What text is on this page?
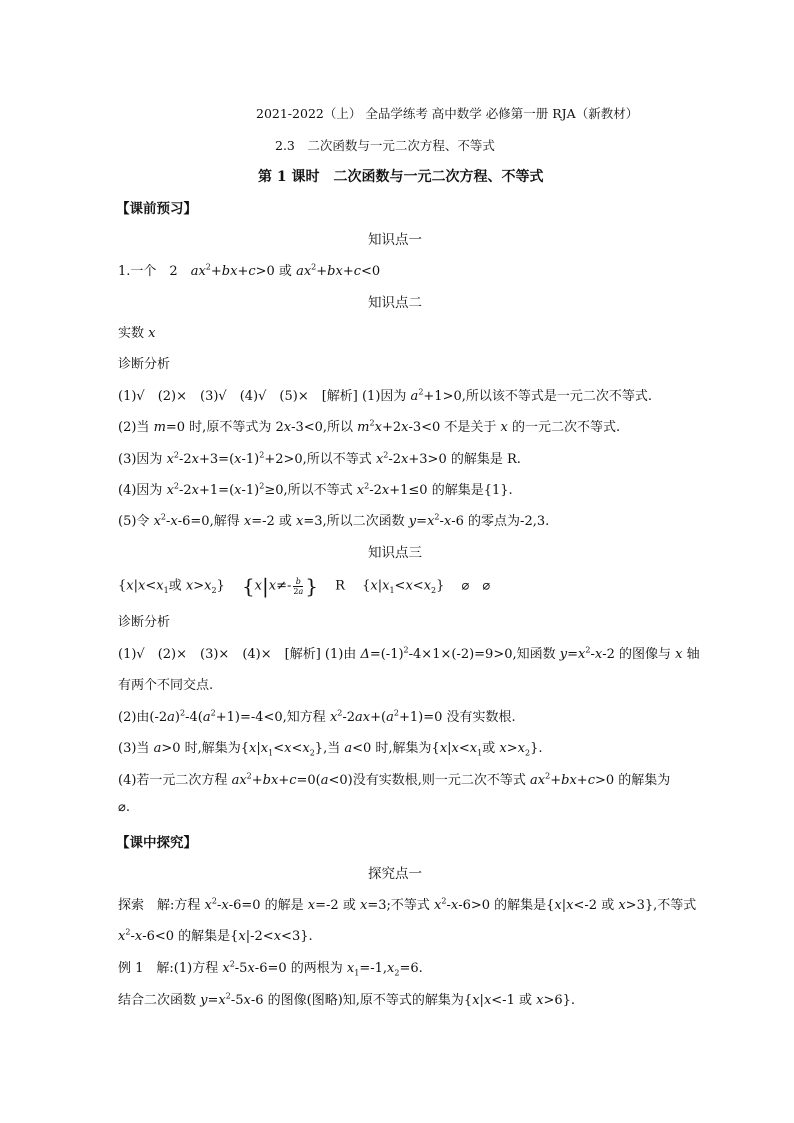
2021-2022（上） 全品学练考 高中数学 必修第一册 RJA（新教材）
2.3　二次函数与一元二次方程、不等式
第 1 课时　二次函数与一元二次方程、不等式
【课前预习】
知识点一
1.一个　2　$ax^2+bx+c>0$ 或 $ax^2+bx+c<0$
知识点二
实数 x
诊断分析
(1)√　(2)×　(3)√　(4)√　(5)×　[解析] (1)因为 $a^2+1>0$,所以该不等式是一元二次不等式.
(2)当 m=0 时,原不等式为 2x-3<0,所以 $m^2x+2x-3<0$ 不是关于 x 的一元二次不等式.
(3)因为 $x^2-2x+3=(x-1)^2+2>0$,所以不等式 $x^2-2x+3>0$ 的解集是 R.
(4)因为 $x^2-2x+1=(x-1)^2\ge 0$,所以不等式 $x^2-2x+1\le 0$ 的解集是{1}.
(5)令 $x^2-x-6=0$,解得 x=-2 或 x=3,所以二次函数 $y=x^2-x-6$ 的零点为-2,3.
知识点三
{$x|x<x_1$或 $x>x_2$}　 {$x|x\ne- \frac{b}{2a}$ }　 R　 $\{x|x_1<x<x_2\}$　 ⌀　⌀
诊断分析
(1)√　(2)×　(3)×　(4)×　[解析] (1)由 $\Delta=(-1)^2-4\times 1\times(-2)=9>0$,知函数 $y=x^2-x-2$ 的图像与 x 轴
有两个不同交点.
(2)由$(-2a)^2-4(a^2+1)=-4<0$,知方程 $x^2-2ax+(a^2+1)=0$ 没有实数根.
(3)当 a>0 时,解集为$\{x|x_1<x<x_2\}$,当 a<0 时,解集为{$x|x<x_1$或 $x>x_2$}.
(4)若一元二次方程 $ax^2+bx+c=0(a<0)$没有实数根,则一元二次不等式 $ax^2+bx+c>0$ 的解集为
⌀.
【课中探究】
探究点一
探索　解:方程 $x^2-x-6=0$ 的解是 x=-2 或 x=3;不等式 $x^2-x-6>0$ 的解集是{x|x<-2 或 x>3},不等式
$x^2-x-6<0$ 的解集是{x|-2<x<3}.
例 1　解:(1)方程 $x^2-5x-6=0$ 的两根为 $x_1=-1,x_2=6$.
结合二次函数 $y=x^2-5x-6$ 的图像(图略)知,原不等式的解集为{x|x<-1 或 x>6}.
